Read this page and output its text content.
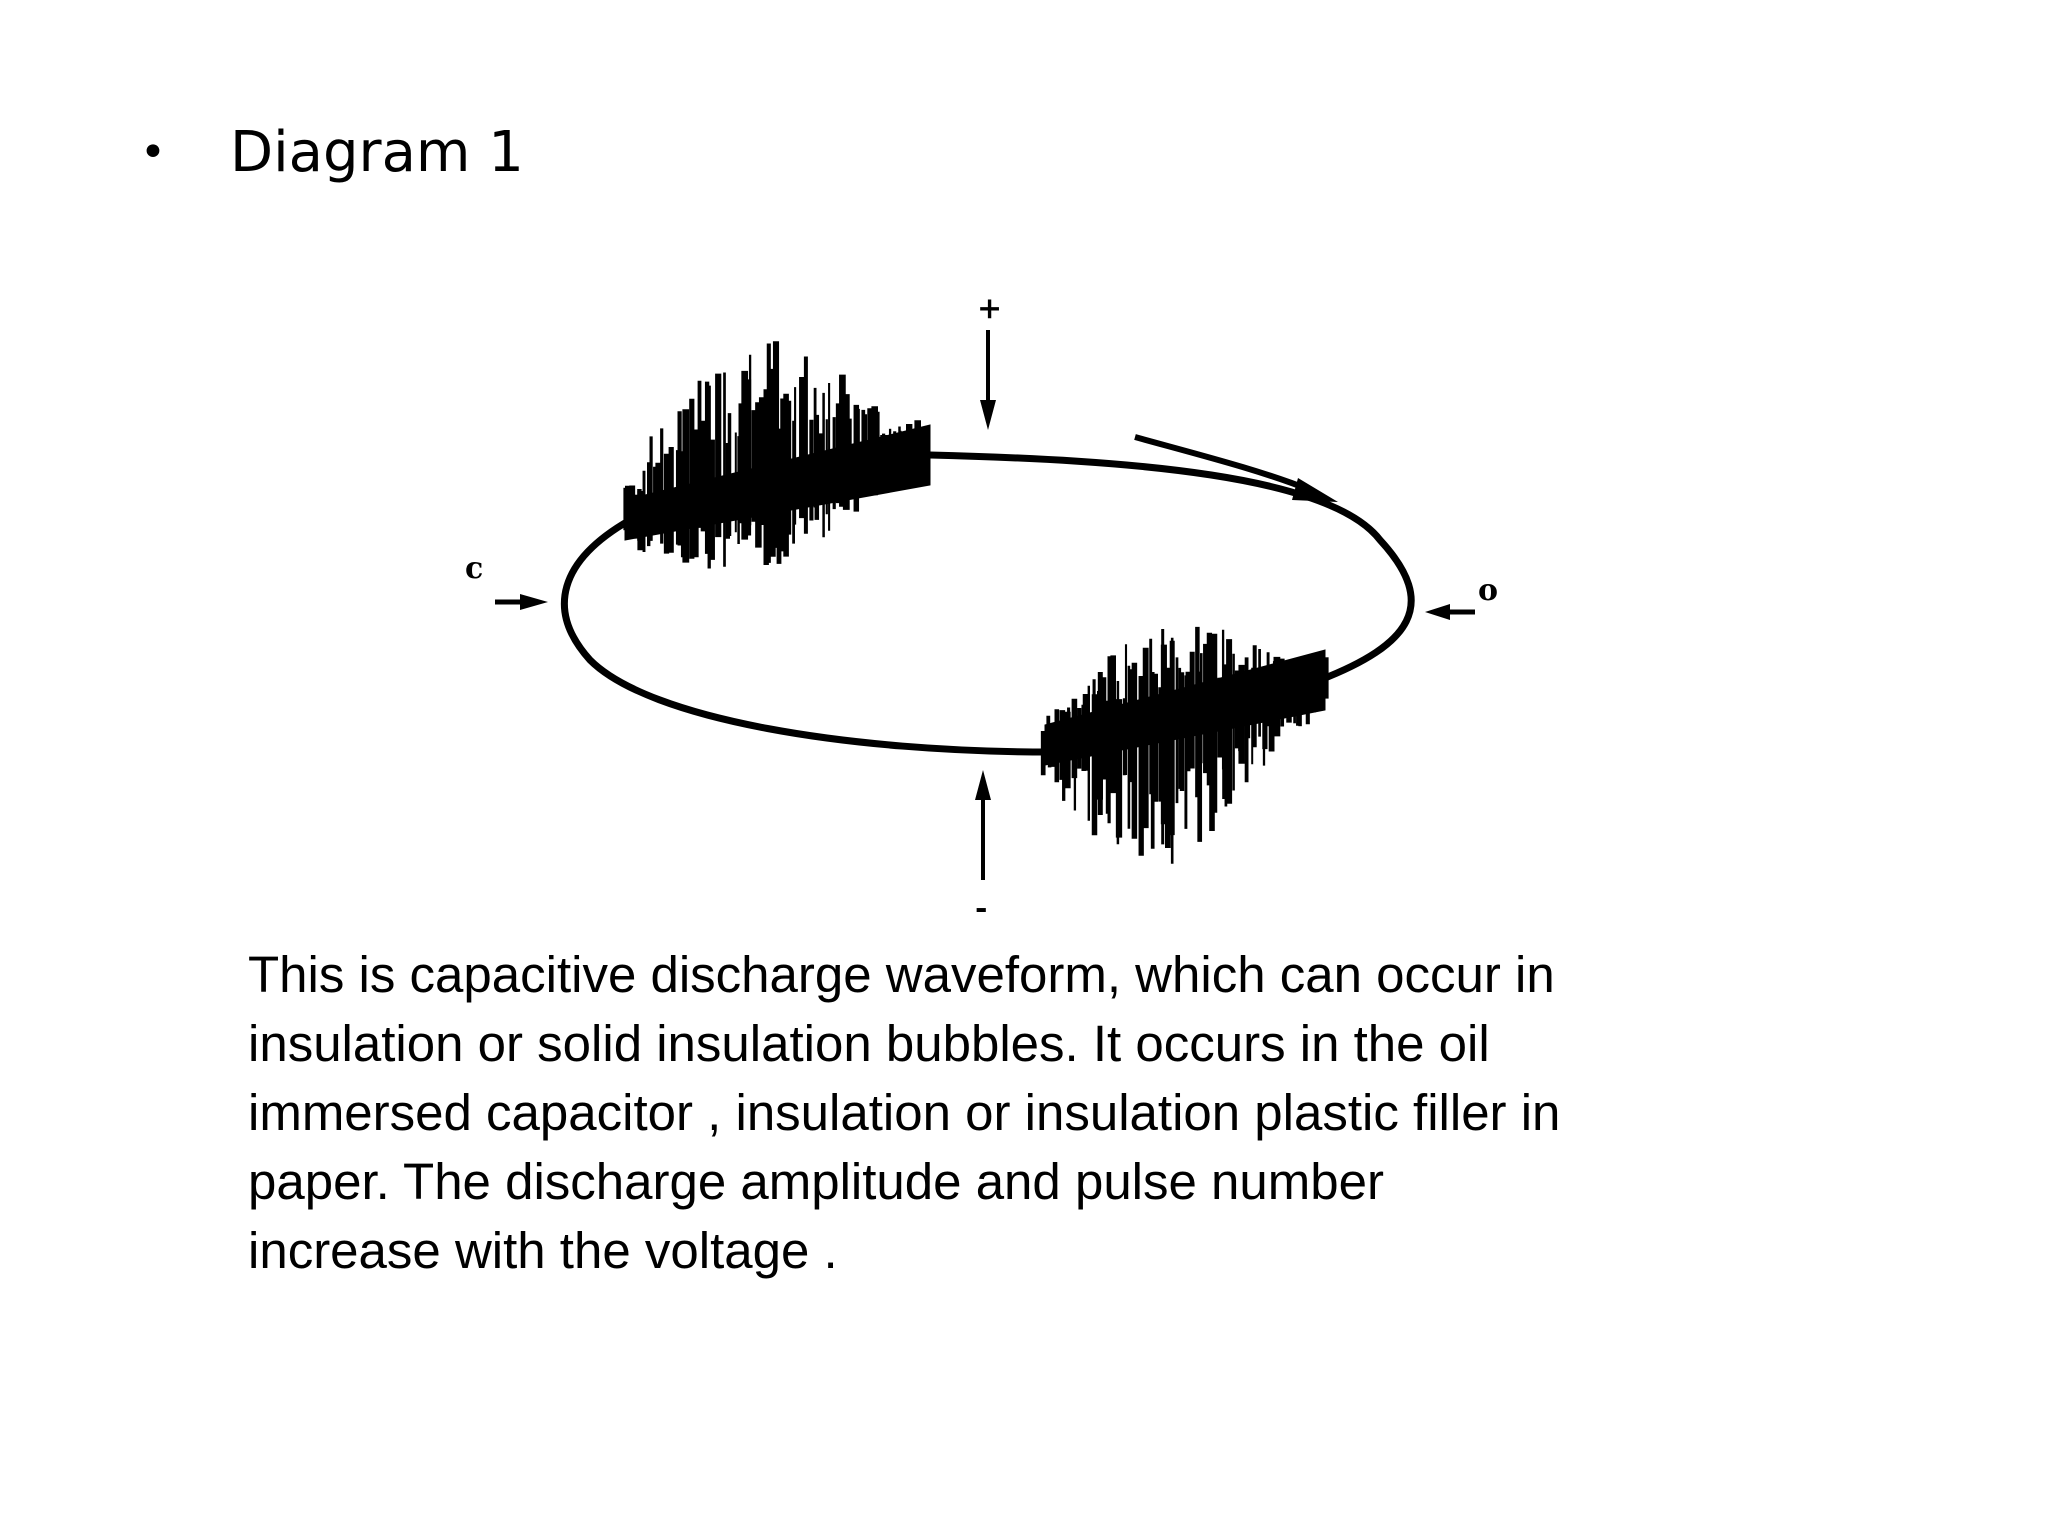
•	Diagram 1
+
-
c
o
This is capacitive discharge waveform, which can occur in
insulation or solid insulation bubbles. It occurs in the oil
immersed capacitor , insulation or insulation plastic filler in
paper. The discharge amplitude and pulse number
increase with the voltage .
